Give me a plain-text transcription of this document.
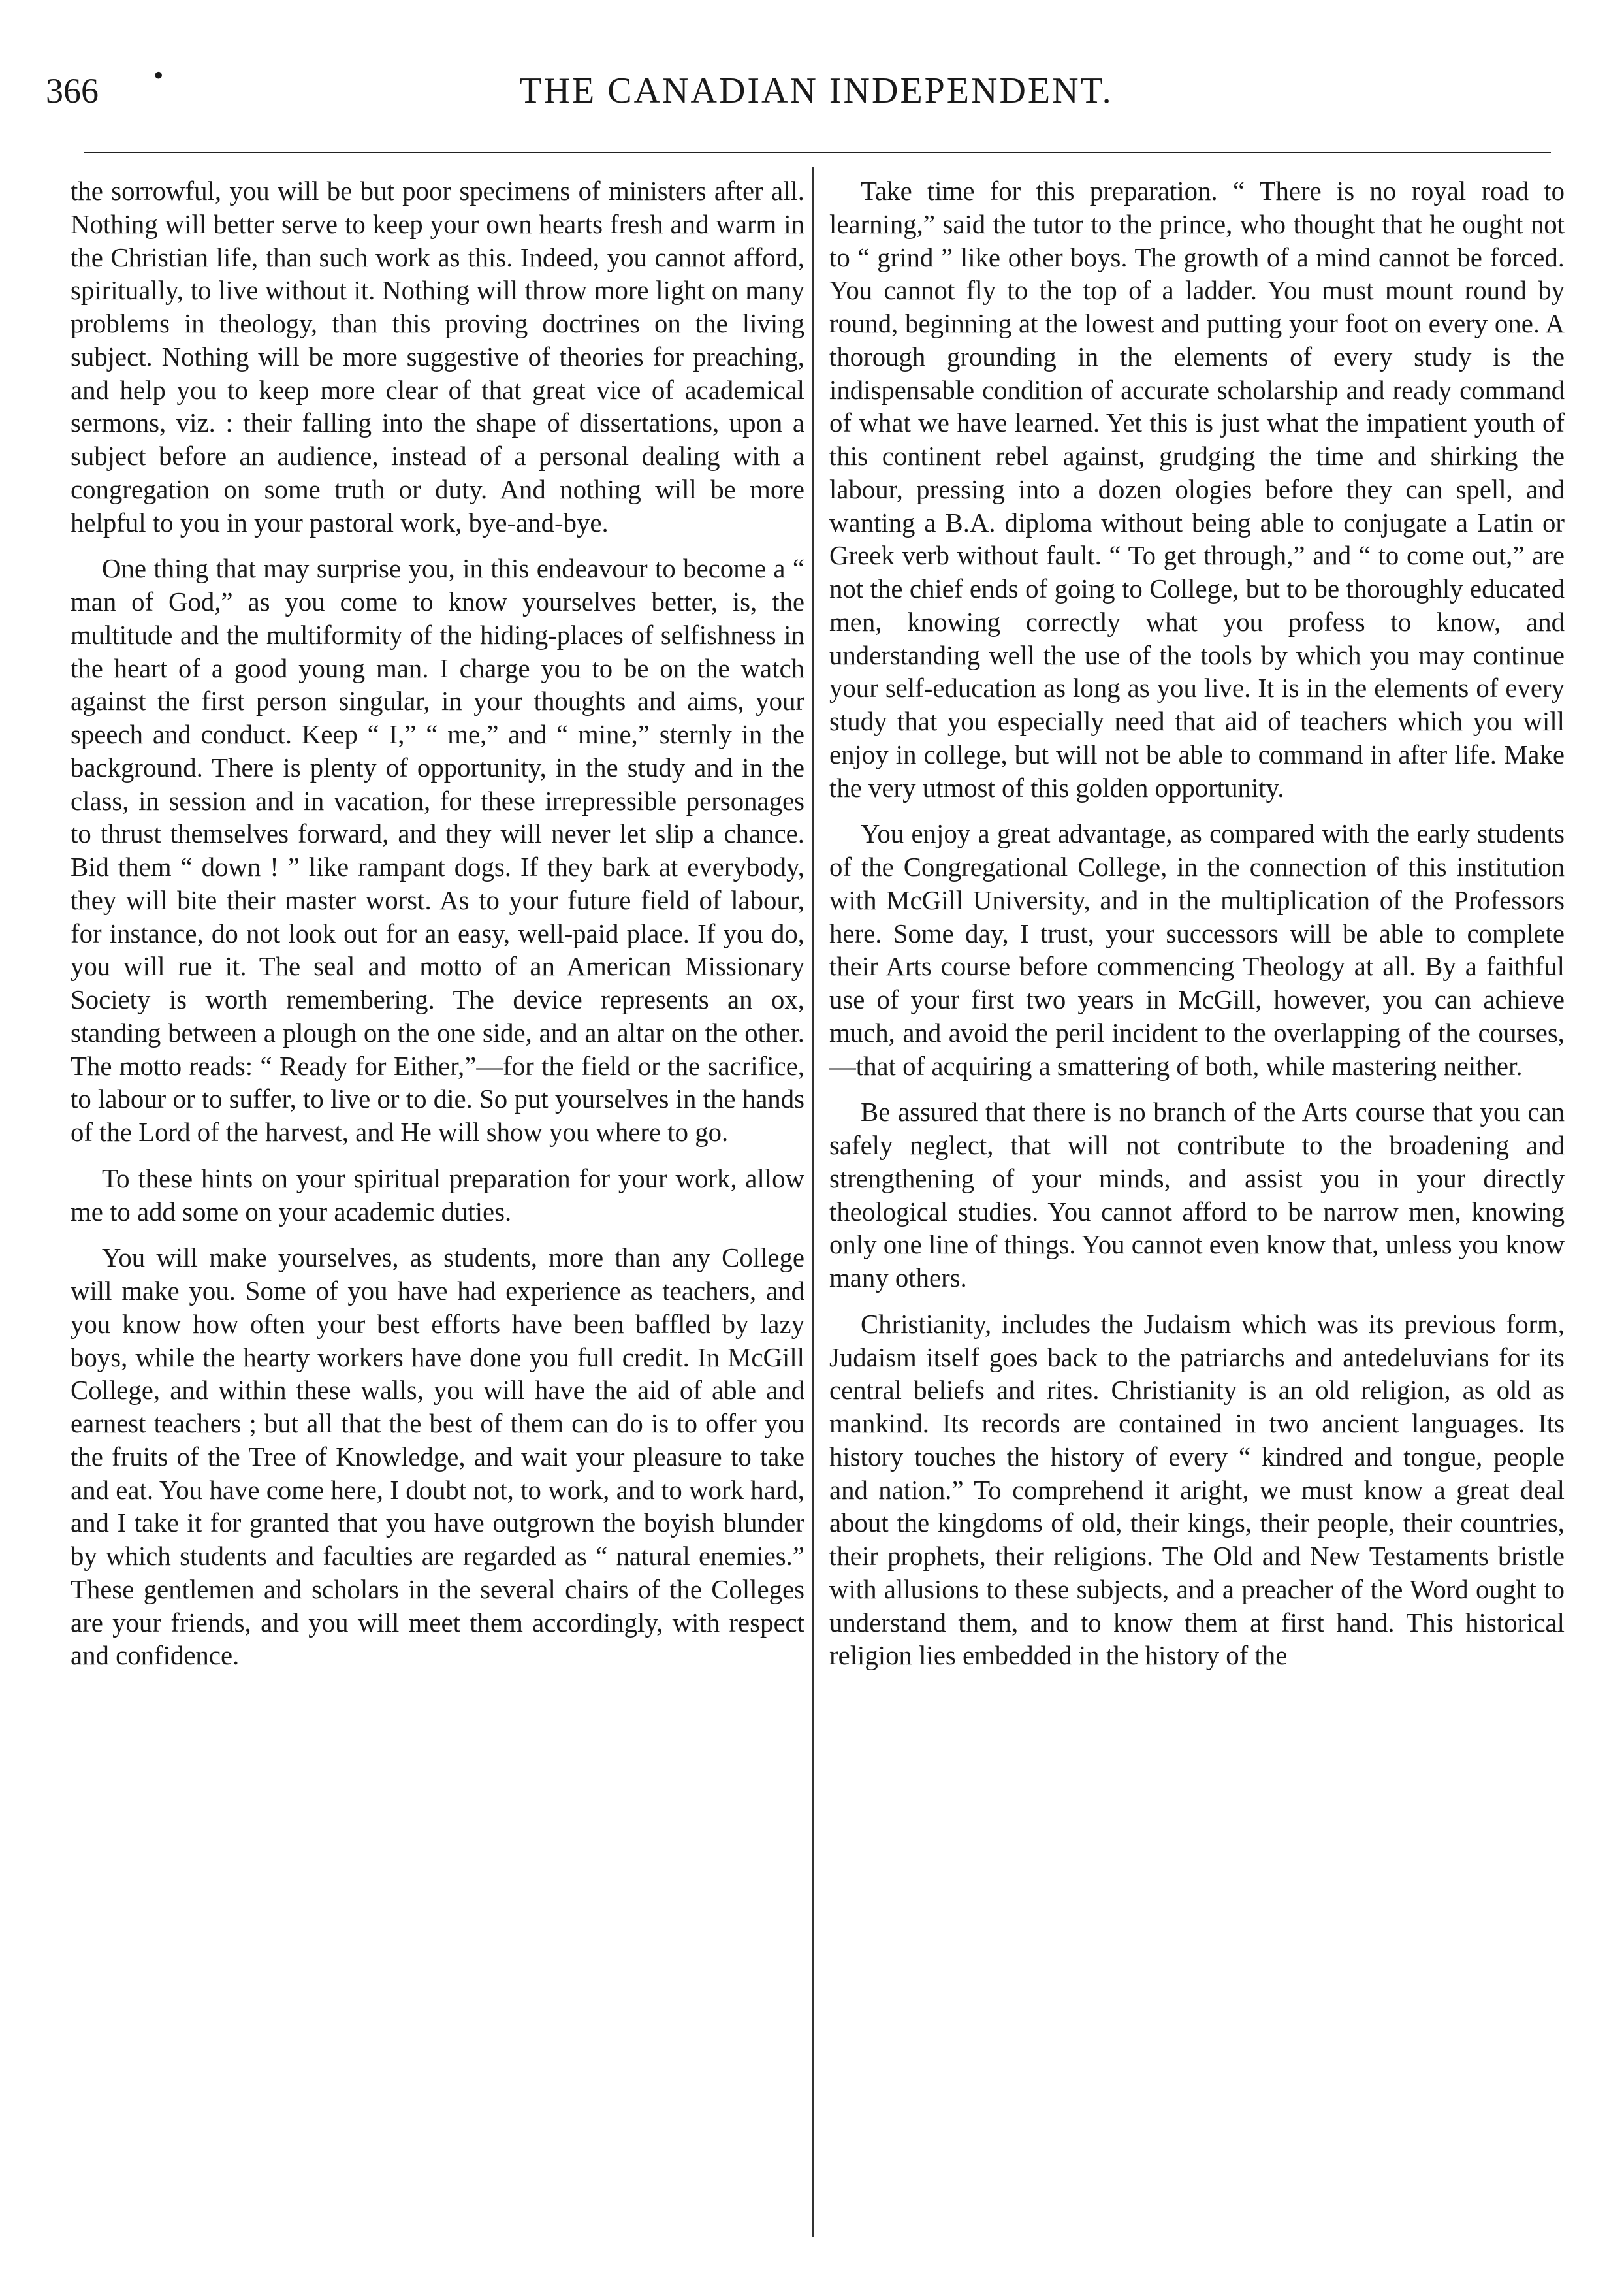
366 •	THE CANADIAN INDEPENDENT.

the sorrowful, you will be but poor specimens of ministers after all. Nothing will better serve to keep your own hearts fresh and warm in the Christian life, than such work as this. Indeed, you cannot afford, spiritually, to live without it. Nothing will throw more light on many problems in theology, than this proving doctrines on the living subject. Nothing will be more suggestive of theories for preaching, and help you to keep more clear of that great vice of academical sermons, viz. : their falling into the shape of dissertations, upon a subject before an audience, instead of a personal dealing with a congregation on some truth or duty. And nothing will be more helpful to you in your pastoral work, bye-and-bye.

One thing that may surprise you, in this endeavour to become a “ man of God,” as you come to know yourselves better, is, the multitude and the multiformity of the hiding-places of selfishness in the heart of a good young man. I charge you to be on the watch against the first person singular, in your thoughts and aims, your speech and conduct. Keep “ I,” “ me,” and “ mine,” sternly in the background. There is plenty of opportunity, in the study and in the class, in session and in vacation, for these irrepressible personages to thrust themselves forward, and they will never let slip a chance. Bid them “ down ! ” like rampant dogs. If they bark at everybody, they will bite their master worst. As to your future field of labour, for instance, do not look out for an easy, well-paid place. If you do, you will rue it. The seal and motto of an American Missionary Society is worth remembering. The device represents an ox, standing between a plough on the one side, and an altar on the other. The motto reads: “ Ready for Either,”—for the field or the sacrifice, to labour or to suffer, to live or to die. So put yourselves in the hands of the Lord of the harvest, and He will show you where to go.

To these hints on your spiritual preparation for your work, allow me to add some on your academic duties.

You will make yourselves, as students, more than any College will make you. Some of you have had experience as teachers, and you know how often your best efforts have been baffled by lazy boys, while the hearty workers have done you full credit. In McGill College, and within these walls, you will have the aid of able and earnest teachers ; but all that the best of them can do is to offer you the fruits of the Tree of Knowledge, and wait your pleasure to take and eat. You have come here, I doubt not, to work, and to work hard, and I take it for granted that you have outgrown the boyish blunder by which students and faculties are regarded as “ natural enemies.” These gentlemen and scholars in the several chairs of the Colleges are your friends, and you will meet them accordingly, with respect and confidence.

Take time for this preparation. “ There is no royal road to learning,” said the tutor to the prince, who thought that he ought not to “ grind ” like other boys. The growth of a mind cannot be forced. You cannot fly to the top of a ladder. You must mount round by round, beginning at the lowest and putting your foot on every one. A thorough grounding in the elements of every study is the indispensable condition of accurate scholarship and ready command of what we have learned. Yet this is just what the impatient youth of this continent rebel against, grudging the time and shirking the labour, pressing into a dozen ologies before they can spell, and wanting a B.A. diploma without being able to conjugate a Latin or Greek verb without fault. “ To get through,” and “ to come out,” are not the chief ends of going to College, but to be thoroughly educated men, knowing correctly what you profess to know, and understanding well the use of the tools by which you may continue your self-education as long as you live. It is in the elements of every study that you especially need that aid of teachers which you will enjoy in college, but will not be able to command in after life. Make the very utmost of this golden opportunity.

You enjoy a great advantage, as compared with the early students of the Congregational College, in the connection of this institution with McGill University, and in the multiplication of the Professors here. Some day, I trust, your successors will be able to complete their Arts course before commencing Theology at all. By a faithful use of your first two years in McGill, however, you can achieve much, and avoid the peril incident to the overlapping of the courses,—that of acquiring a smattering of both, while mastering neither.

Be assured that there is no branch of the Arts course that you can safely neglect, that will not contribute to the broadening and strengthening of your minds, and assist you in your directly theological studies. You cannot afford to be narrow men, knowing only one line of things. You cannot even know that, unless you know many others.

Christianity, includes the Judaism which was its previous form, Judaism itself goes back to the patriarchs and antedeluvians for its central beliefs and rites. Christianity is an old religion, as old as mankind. Its records are contained in two ancient languages. Its history touches the history of every “ kindred and tongue, people and nation.” To comprehend it aright, we must know a great deal about the kingdoms of old, their kings, their people, their countries, their prophets, their religions. The Old and New Testaments bristle with allusions to these subjects, and a preacher of the Word ought to understand them, and to know them at first hand. This historical religion lies embedded in the history of the
